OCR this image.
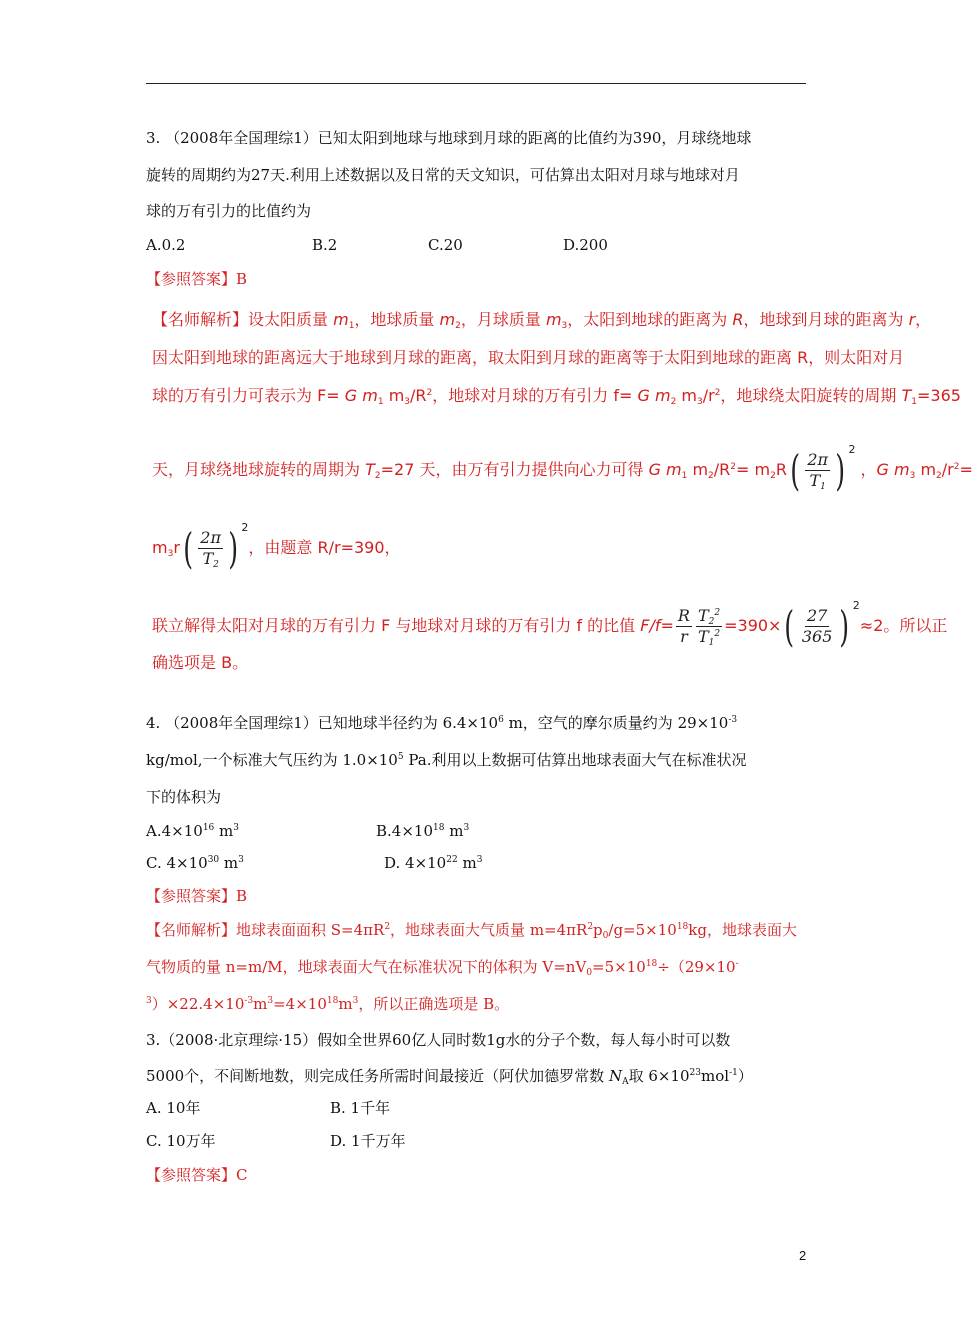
3. （2008年全国理综1）已知太阳到地球与地球到月球的距离的比值约为390，月球绕地球
旋转的周期约为27天.利用上述数据以及日常的天文知识，可估算出太阳对月球与地球对月
球的万有引力的比值约为
A.0.2	B.2	C.20	D.200
【参照答案】B
【名师解析】设太阳质量 $m_1$，地球质量 $m_2$，月球质量 $m_3$，太阳到地球的距离为 R，地球到月球的距离为 r，
因太阳到地球的距离远大于地球到月球的距离，取太阳到月球的距离等于太阳到地球的距离 R，则太阳对月
球的万有引力可表示为 F= G $m_1$ $m_3/R^2$，地球对月球的万有引力 f= G $m_2$ $m_3/r^2$，地球绕太阳旋转的周期 $T_1=365$
天，月球绕地球旋转的周期为 $T_2=27$ 天，由万有引力提供向心力可得 G $m_1$ $m_2/R^2= m_2R( \frac{2\pi}{T_1}$ ) 2 ，G $m_3$ $m_2/r^2=$
$m_3r( \frac{2\pi}{T_2}$ ) 2，由题意 R/r=390，
联立解得太阳对月球的万有引力 F 与地球对月球的万有引力 f 的比值 $F/f= \frac{R}{r} \frac{T_2^2}{T_1^2} =390\times( \frac{27}{365}$ ) 2≈2。所以正
确选项是 B。
4. （2008年全国理综1）已知地球半径约为 $6.4\times 10^6$ m，空气的摩尔质量约为 $29\times 10^{-3}$
kg/mol,一个标准大气压约为 $1.0\times 10^5$ Pa.利用以上数据可估算出地球表面大气在标准状况
下的体积为
$A.4\times 10^{16}$ $m^3$	$B.4\times 10^{18}$ $m^3$
C. $4\times 10^{30}$ $m^3$	D. $4\times 10^{22}$ $m^3$
【参照答案】B
【名师解析】地球表面面积 $S=4\pi R^2$，地球表面大气质量 $m=4\pi R^2p_0/g=5\times 10^{18}kg$，地球表面大
气物质的量 n=m/M，地球表面大气在标准状况下的体积为 $V=nV_0=5\times 10^{18}\div(29\times 10^-$
$^3)\times 22.4\times 10^{-3}m^3=4\times 10^{18}m^3$，所以正确选项是 B。
3.（2008·北京理综·15）假如全世界60亿人同时数1g水的分子个数，每人每小时可以数
5000个，不间断地数，则完成任务所需时间最接近（阿伏加德罗常数 $N_A$取 $6\times 10^{23}mol^{-1}$）
A. 10年	B. 1千年
C. 10万年	D. 1千万年
【参照答案】C
2
